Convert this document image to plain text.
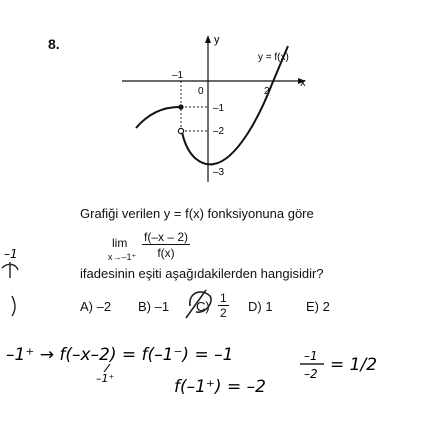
8.	y
x
0
y = f(x)
–1
2
–1
–2
–3
Grafiği verilen y = f(x) fonksiyonuna göre
lim
$x\to-1^+ \frac{f(-x - 2)}{f(x)}$
ifadesinin eşiti aşağıdakilerden hangisidir?
A) –2 B) –1 $C) \frac{1}{2} D$) 1	E) 2
–1
–1⁺ → f(–x–2) = f(–1⁻) = –1
–1⁺	f(–1⁺) = –2
–1
–2 = 1/2
